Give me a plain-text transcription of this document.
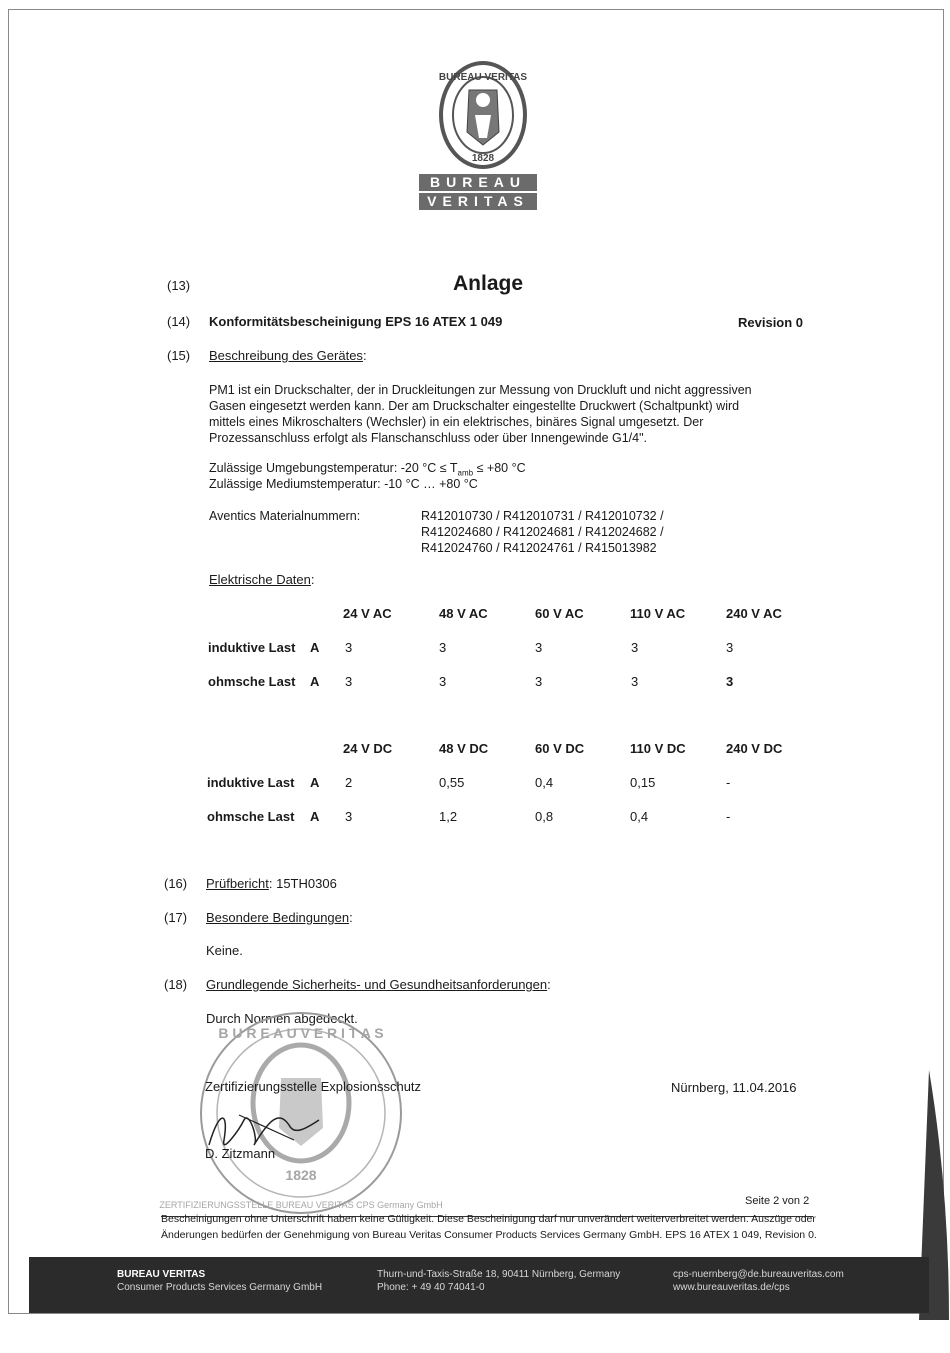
BUREAU VERITAS
1828
BUREAU
VERITAS
(13)	Anlage
(14) Konformitätsbescheinigung EPS 16 ATEX 1 049	Revision 0
(15) Beschreibung des Gerätes:
PM1 ist ein Druckschalter, der in Druckleitungen zur Messung von Druckluft und nicht aggressiven
Gasen eingesetzt werden kann. Der am Druckschalter eingestellte Druckwert (Schaltpunkt) wird
mittels eines Mikroschalters (Wechsler) in ein elektrisches, binäres Signal umgesetzt. Der
Prozessanschluss erfolgt als Flanschanschluss oder über Innengewinde G1/4".
Zulässige Umgebungstemperatur: -20 $^\circ C \le T_{amb} \le +80$ °C
Zulässige Mediumstemperatur: -10 °C … +80 °C
Aventics Materialnummern:	R412010730 / R412010731 / R412010732 /
R412024680 / R412024681 / R412024682 /
R412024760 / R412024761 / R415013982
Elektrische Daten:
24 V AC	48 V AC	60 V AC	110 V AC	240 V AC
induktive Last A 3	3	3	3	3
ohmsche Last A 3	3	3	3	3
24 V DC	48 V DC	60 V DC	110 V DC	240 V DC
induktive Last A 2	0,55	0,4	0,15	-
ohmsche Last A 3	1,2	0,8	0,4	-
(16) Prüfbericht: 15TH0306
(17) Besondere Bedingungen:
Keine.
(18) Grundlegende Sicherheits- und Gesundheitsanforderungen:
Durch Normen abgedeckt.
B U R E A U V E R I T A S
1828
ZERTIFIZIERUNGSSTELLE BUREAU VERITAS CPS Germany GmbH
Zertifizierungsstelle Explosionsschutz	Nürnberg, 11.04.2016
D. Zitzmann
Seite 2 von 2
Bescheinigungen ohne Unterschrift haben keine Gültigkeit. Diese Bescheinigung darf nur unverändert weiterverbreitet werden. Auszüge oder
Änderungen bedürfen der Genehmigung von Bureau Veritas Consumer Products Services Germany GmbH. EPS 16 ATEX 1 049, Revision 0.
BUREAU VERITAS
Consumer Products Services Germany GmbH
Thurn-und-Taxis-Straße 18, 90411 Nürnberg, Germany
Phone: + 49 40 74041-0
cps-nuernberg@de.bureauveritas.com
www.bureauveritas.de/cps
